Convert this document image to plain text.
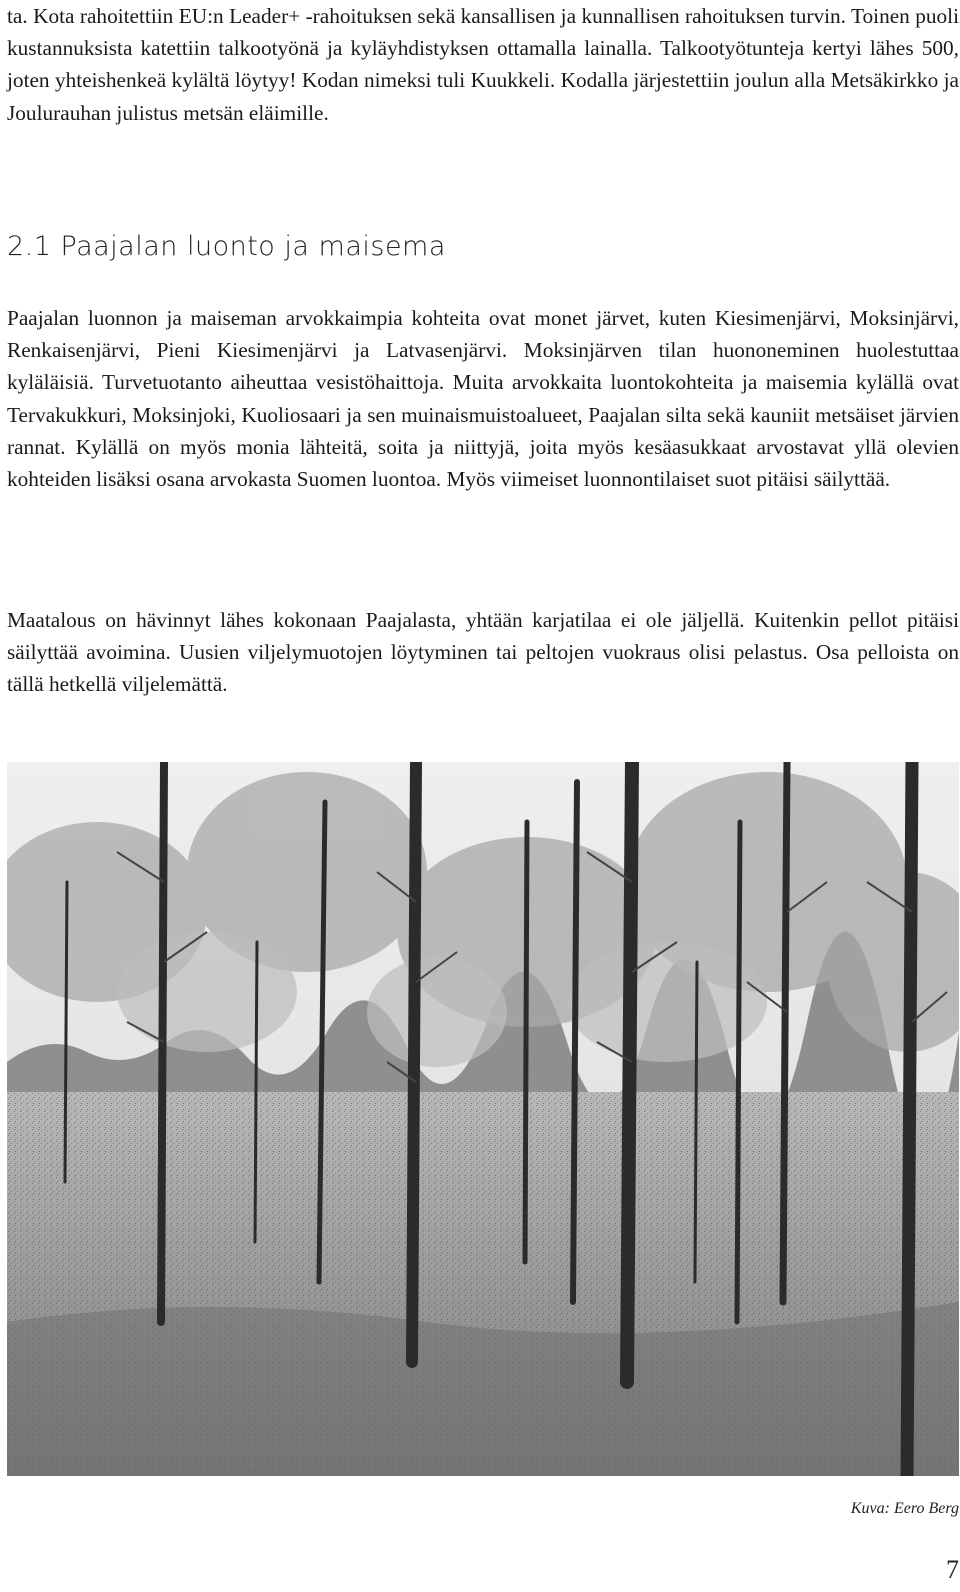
ta. Kota rahoitettiin EU:n Leader+ -rahoituksen sekä kansallisen ja kunnallisen rahoituksen turvin. Toinen puoli kustannuksista katettiin talkootyönä ja kyläyhdistyksen ottamalla lainalla. Talkootyötunteja kertyi lähes 500, joten yhteishenkeä kylältä löytyy! Kodan nimeksi tuli Kuukkeli. Kodalla järjestettiin joulun alla Metsäkirkko ja Joulurauhan julistus metsän eläimille.

2.1 Paajalan luonto ja maisema

Paajalan luonnon ja maiseman arvokkaimpia kohteita ovat monet järvet, kuten Kiesimenjärvi, Moksinjärvi, Renkaisenjärvi, Pieni Kiesimenjärvi ja Latvasenjärvi. Moksinjärven tilan huononeminen huolestuttaa kyläläisiä. Turvetuotanto aiheuttaa vesistöhaittoja. Muita arvokkaita luontokohteita ja maisemia kylällä ovat Tervakukkuri, Moksinjoki, Kuoliosaari ja sen muinaismuistoalueet, Paajalan silta sekä kauniit metsäiset järvien rannat. Kylällä on myös monia lähteitä, soita ja niittyjä, joita myös kesäasukkaat arvostavat yllä olevien kohteiden lisäksi osana arvokasta Suomen luontoa. Myös viimeiset luonnontilaiset suot pitäisi säilyttää.

Maatalous on hävinnyt lähes kokonaan Paajalasta, yhtään karjatilaa ei ole jäljellä. Kuitenkin pellot pitäisi säilyttää avoimina. Uusien viljelymuotojen löytyminen tai peltojen vuokraus olisi pelastus. Osa pelloista on tällä hetkellä viljelemättä.

Kuva: Eero Berg

7
